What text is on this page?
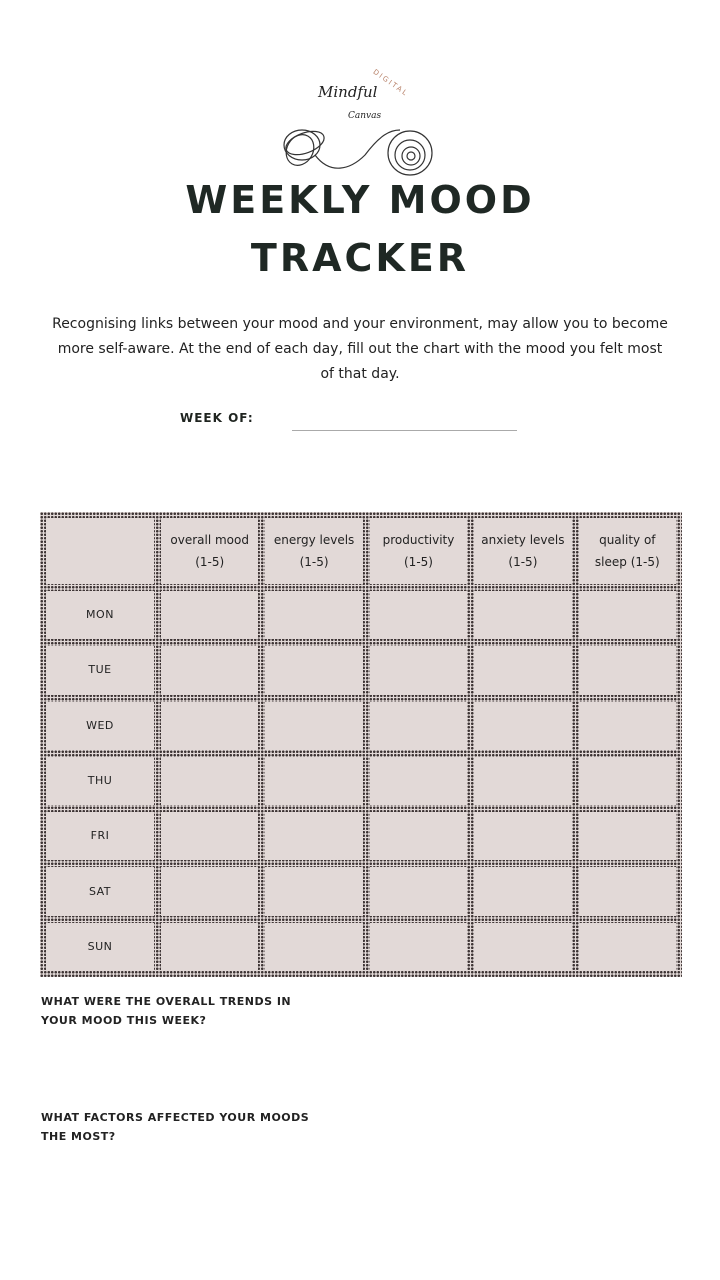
DIGITAL
Mindful
Canvas
WEEKLY MOOD
TRACKER
Recognising links between your mood and your environment, may allow you to become more self-aware. At the end of each day, fill out the chart with the mood you felt most of that day.
WEEK OF:
overall mood (1-5)
energy levels (1-5)
productivity (1-5)
anxiety levels (1-5)
quality of sleep (1-5)
MON
TUE
WED
THU
FRI
SAT
SUN
WHAT WERE THE OVERALL TRENDS IN YOUR MOOD THIS WEEK?
WHAT FACTORS AFFECTED YOUR MOODS THE MOST?
